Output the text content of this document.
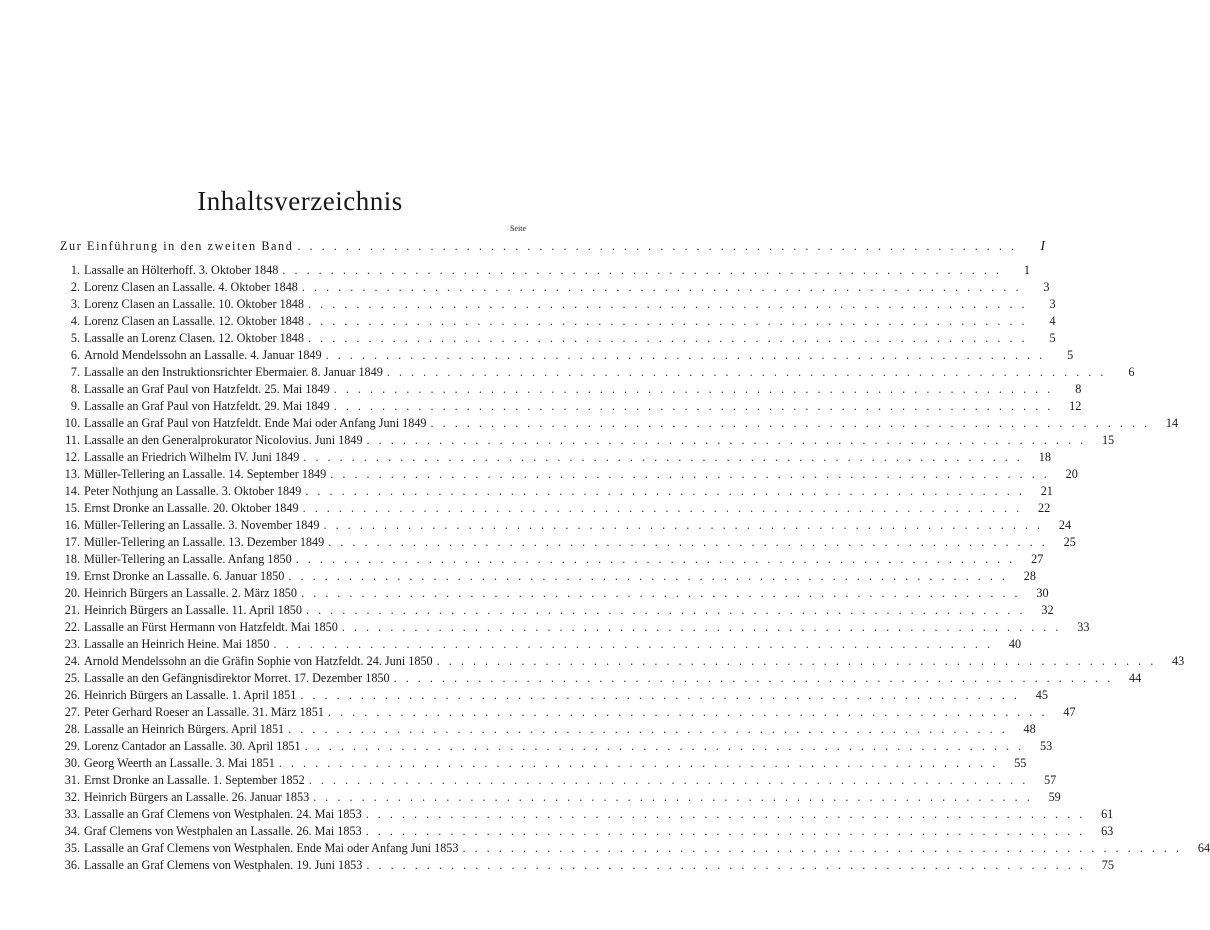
Inhaltsverzeichnis
Seite
Zur Einführung in den zweiten Band . . .	I
1. Lassalle an Hölterhoff. 3. Oktober 1848 . . .	1
2. Lorenz Clasen an Lassalle. 4. Oktober 1848 . . .	3
3. Lorenz Clasen an Lassalle. 10. Oktober 1848 . . .	3
4. Lorenz Clasen an Lassalle. 12. Oktober 1848 . . .	4
5. Lassalle an Lorenz Clasen. 12. Oktober 1848 . . .	5
6. Arnold Mendelssohn an Lassalle. 4. Januar 1849 . . .	5
7. Lassalle an den Instruktionsrichter Ebermaier. 8. Januar 1849 . . .	6
8. Lassalle an Graf Paul von Hatzfeldt. 25. Mai 1849 . . .	8
9. Lassalle an Graf Paul von Hatzfeldt. 29. Mai 1849 . . .	12
10. Lassalle an Graf Paul von Hatzfeldt. Ende Mai oder Anfang Juni 1849 . . .	14
11. Lassalle an den Generalprokurator Nicolovius. Juni 1849 . . .	15
12. Lassalle an Friedrich Wilhelm IV. Juni 1849 . . .	18
13. Müller-Tellering an Lassalle. 14. September 1849 . . .	20
14. Peter Nothjung an Lassalle. 3. Oktober 1849 . . .	21
15. Ernst Dronke an Lassalle. 20. Oktober 1849 . . .	22
16. Müller-Tellering an Lassalle. 3. November 1849 . . .	24
17. Müller-Tellering an Lassalle. 13. Dezember 1849 . . .	25
18. Müller-Tellering an Lassalle. Anfang 1850 . . .	27
19. Ernst Dronke an Lassalle. 6. Januar 1850 . . .	28
20. Heinrich Bürgers an Lassalle. 2. März 1850 . . .	30
21. Heinrich Bürgers an Lassalle. 11. April 1850 . . .	32
22. Lassalle an Fürst Hermann von Hatzfeldt. Mai 1850 . . .	33
23. Lassalle an Heinrich Heine. Mai 1850 . . .	40
24. Arnold Mendelssohn an die Gräfin Sophie von Hatzfeldt. 24. Juni 1850 . . .	43
25. Lassalle an den Gefängnisdirektor Morret. 17. Dezember 1850 . . .	44
26. Heinrich Bürgers an Lassalle. 1. April 1851 . . .	45
27. Peter Gerhard Roeser an Lassalle. 31. März 1851 . . .	47
28. Lassalle an Heinrich Bürgers. April 1851 . . .	48
29. Lorenz Cantador an Lassalle. 30. April 1851 . . .	53
30. Georg Weerth an Lassalle. 3. Mai 1851 . . .	55
31. Ernst Dronke an Lassalle. 1. September 1852 . . .	57
32. Heinrich Bürgers an Lassalle. 26. Januar 1853 . . .	59
33. Lassalle an Graf Clemens von Westphalen. 24. Mai 1853 . . .	61
34. Graf Clemens von Westphalen an Lassalle. 26. Mai 1853 . . .	63
35. Lassalle an Graf Clemens von Westphalen. Ende Mai oder Anfang Juni 1853 . . .	64
36. Lassalle an Graf Clemens von Westphalen. 19. Juni 1853 . . .	75
